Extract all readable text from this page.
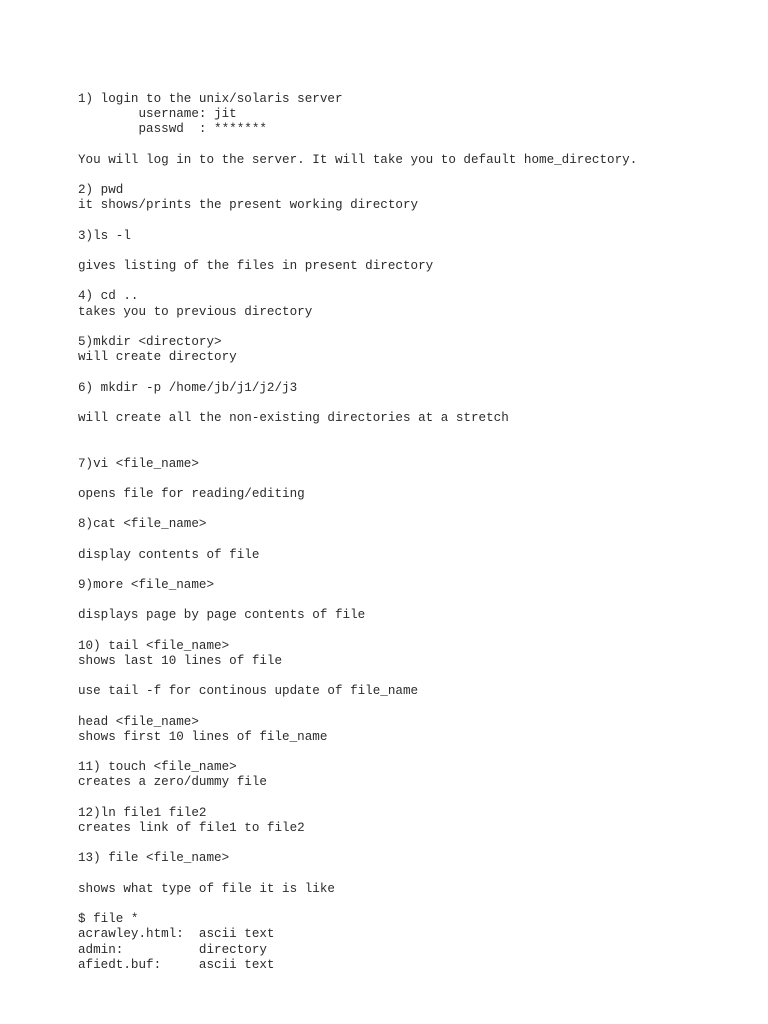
1) login to the unix/solaris server
username: jit
passwd  : *******
You will log in to the server. It will take you to default home_directory.
2) pwd
it shows/prints the present working directory
3)ls -l
gives listing of the files in present directory
4) cd ..
takes you to previous directory
5)mkdir <directory>
will create directory
6) mkdir -p /home/jb/j1/j2/j3
will create all the non-existing directories at a stretch
7)vi <file_name>
opens file for reading/editing
8)cat <file_name>
display contents of file
9)more <file_name>
displays page by page contents of file
10) tail <file_name>
shows last 10 lines of file
use tail -f for continous update of file_name
head <file_name>
shows first 10 lines of file_name
11) touch <file_name>
creates a zero/dummy file
12)ln file1 file2
creates link of file1 to file2
13) file <file_name>
shows what type of file it is like
$ file *
acrawley.html:  ascii text
admin:          directory
afiedt.buf:     ascii text
